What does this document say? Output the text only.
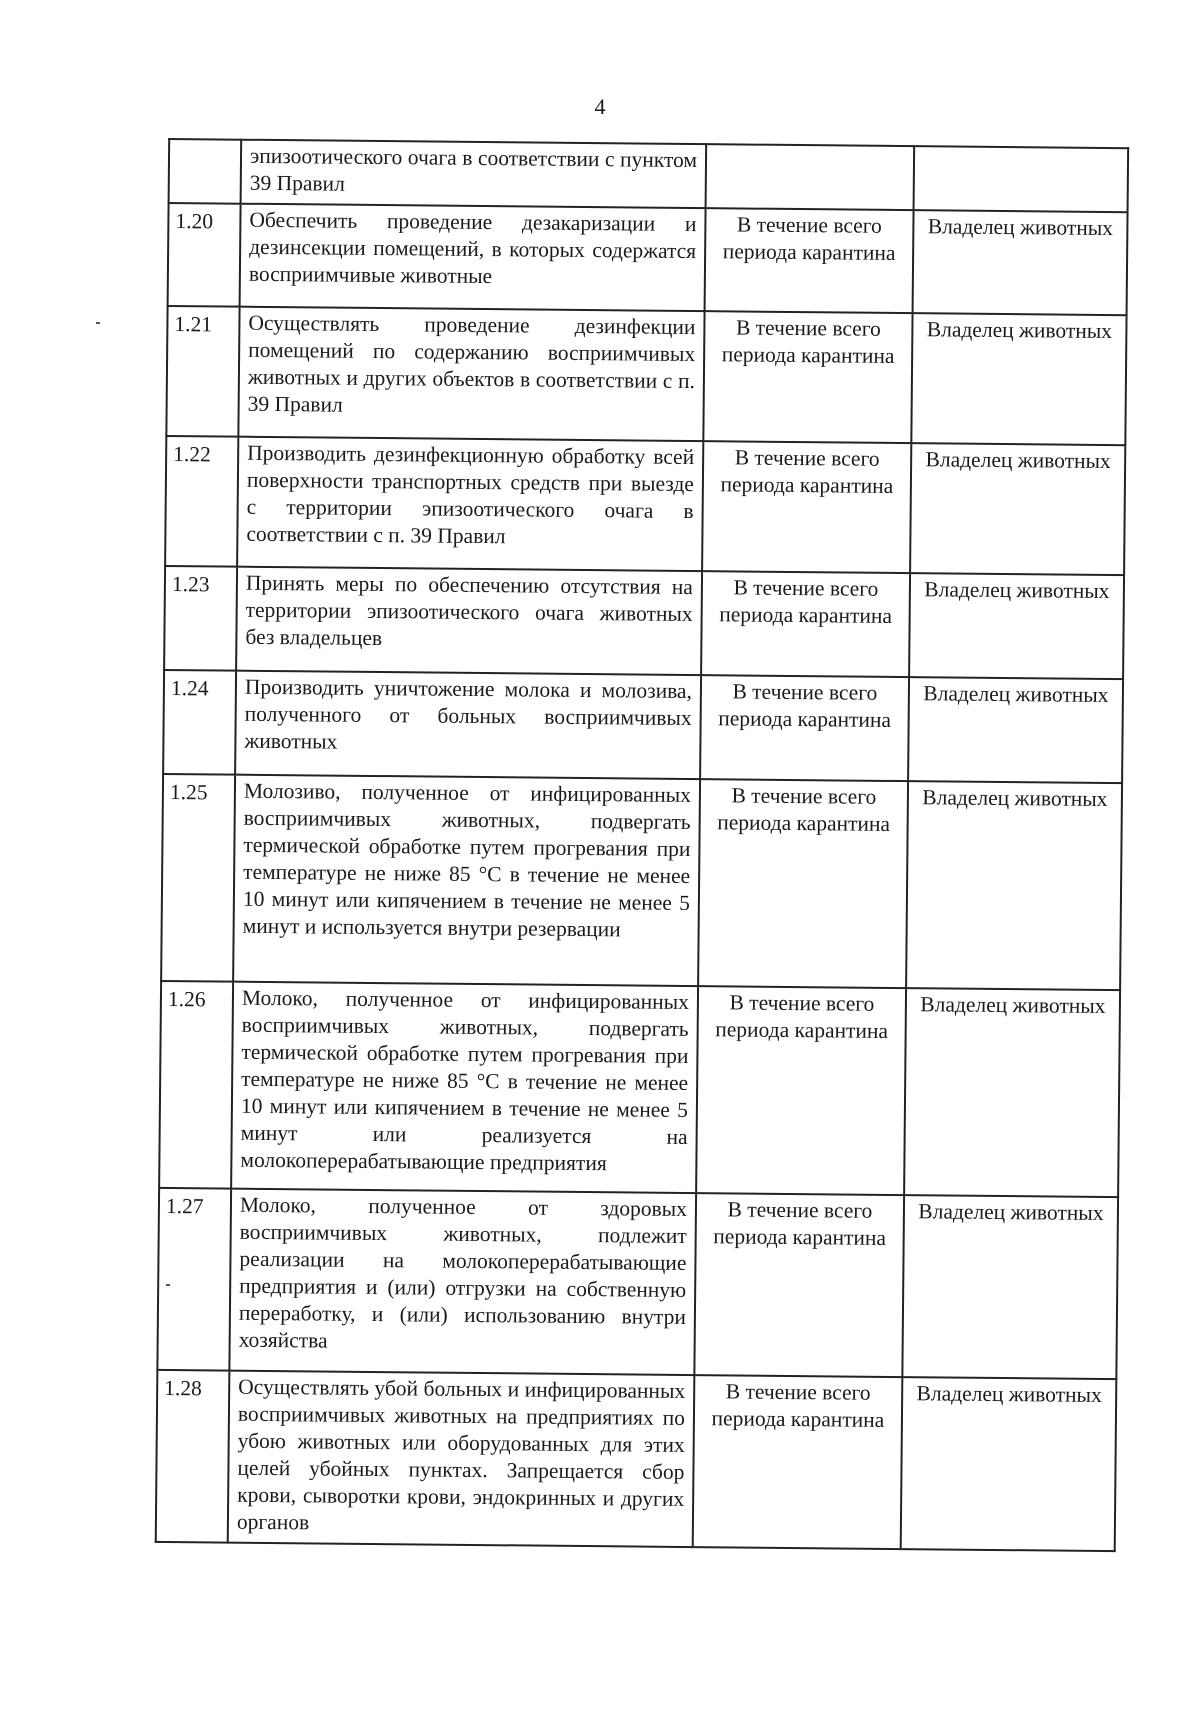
4
	эпизоотического очага в соответствии с пунктом 39 Правил		
1.20	Обеспечить проведение дезакаризации и дезинсекции помещений, в которых содержатся восприимчивые животные	В течение всего периода карантина	Владелец животных
1.21	Осуществлять проведение дезинфекции помещений по содержанию восприимчивых животных и других объектов в соответствии с п. 39 Правил	В течение всего периода карантина	Владелец животных
1.22	Производить дезинфекционную обработку всей поверхности транспортных средств при выезде с территории эпизоотического очага в соответствии с п. 39 Правил	В течение всего периода карантина	Владелец животных
1.23	Принять меры по обеспечению отсутствия на территории эпизоотического очага животных без владельцев	В течение всего периода карантина	Владелец животных
1.24	Производить уничтожение молока и молозива, полученного от больных восприимчивых животных	В течение всего периода карантина	Владелец животных
1.25	Молозиво, полученное от инфицированных восприимчивых животных, подвергать термической обработке путем прогревания при температуре не ниже 85 °С в течение не менее 10 минут или кипячением в течение не менее 5 минут и используется внутри резервации	В течение всего периода карантина	Владелец животных
1.26	Молоко, полученное от инфицированных восприимчивых животных, подвергать термической обработке путем прогревания при температуре не ниже 85 °С в течение не менее 10 минут или кипячением в течение не менее 5 минут или реализуется на молокоперерабатывающие предприятия	В течение всего периода карантина	Владелец животных
1.27	Молоко, полученное от здоровых восприимчивых животных, подлежит реализации на молокоперерабатывающие предприятия и (или) отгрузки на собственную переработку, и (или) использованию внутри хозяйства	В течение всего периода карантина	Владелец животных
1.28	Осуществлять убой больных и инфицированных восприимчивых животных на предприятиях по убою животных или оборудованных для этих целей убойных пунктах. Запрещается сбор крови, сыворотки крови, эндокринных и других органов	В течение всего периода карантина	Владелец животных
